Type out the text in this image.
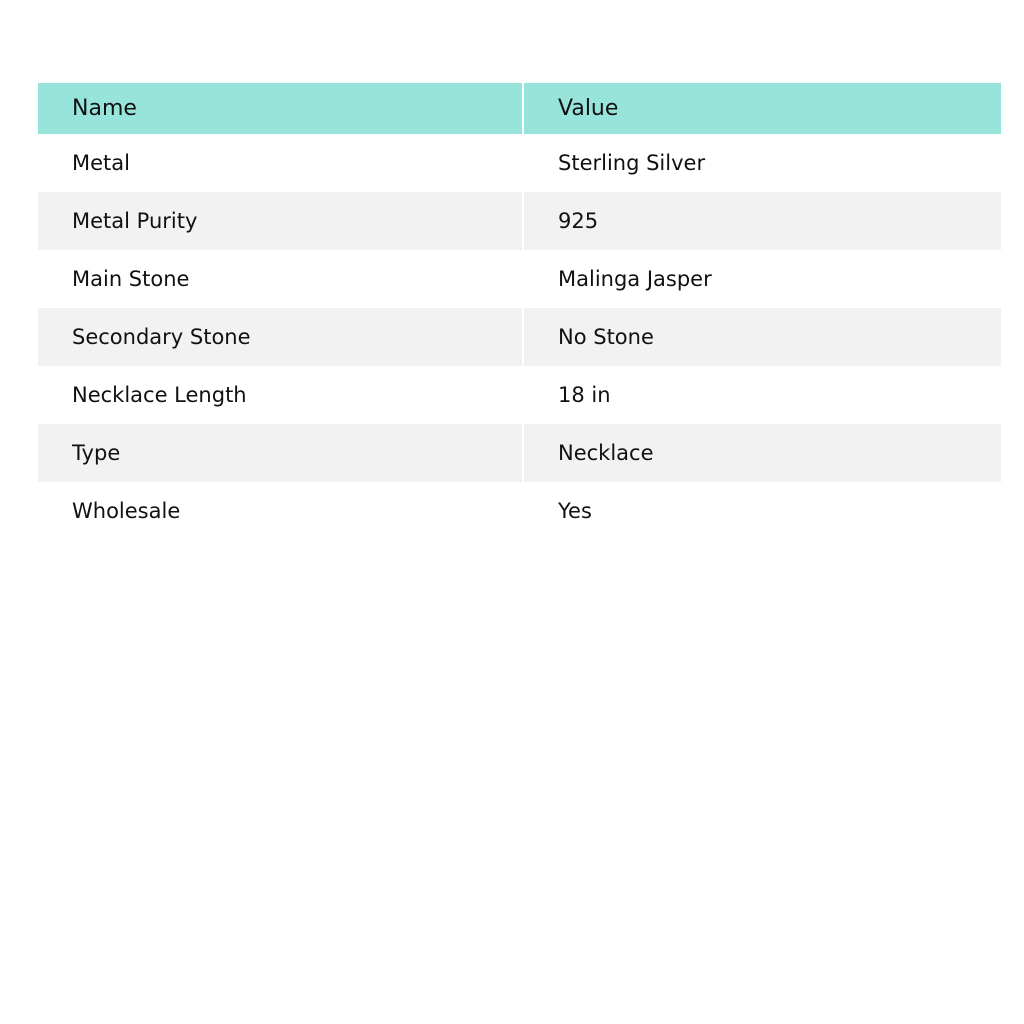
Name	Value
Metal	Sterling Silver
Metal Purity	925
Main Stone	Malinga Jasper
Secondary Stone	No Stone
Necklace Length	18 in
Type	Necklace
Wholesale	Yes
